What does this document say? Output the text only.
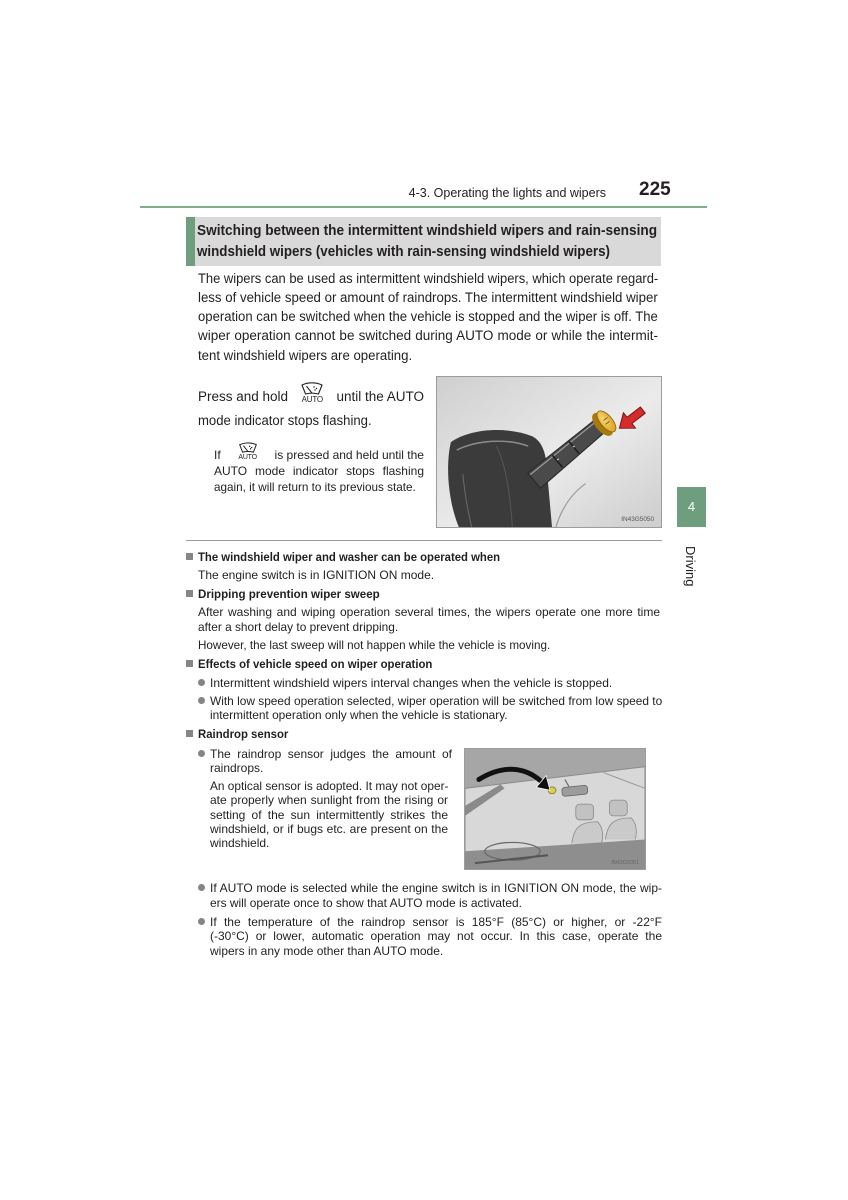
4-3. Operating the lights and wipers 225
4
Driving
Switching between the intermittent windshield wipers and rain-sensing
windshield wipers (vehicles with rain-sensing windshield wipers)
The wipers can be used as intermittent windshield wipers, which operate regard-
less of vehicle speed or amount of raindrops. The intermittent windshield wiper
operation can be switched when the vehicle is stopped and the wiper is off. The
wiper operation cannot be switched during AUTO mode or while the intermit-
tent windshield wipers are operating.
Press and hold AUTO until the AUTO
mode indicator stops flashing.
If	AUTO is pressed and held until the
AUTO mode indicator stops flashing
again, it will return to its previous state.
IN43G5050
The windshield wiper and washer can be operated when
The engine switch is in IGNITION ON mode.
Dripping prevention wiper sweep
After washing and wiping operation several times, the wipers operate one more time
after a short delay to prevent dripping.
However, the last sweep will not happen while the vehicle is moving.
Effects of vehicle speed on wiper operation
Intermittent windshield wipers interval changes when the vehicle is stopped.
With low speed operation selected, wiper operation will be switched from low speed to
intermittent operation only when the vehicle is stationary.
Raindrop sensor
The raindrop sensor judges the amount of
raindrops.
An optical sensor is adopted. It may not oper-
ate properly when sunlight from the rising or
setting of the sun intermittently strikes the
windshield, or if bugs etc. are present on the
windshield.
IN43G5051
If AUTO mode is selected while the engine switch is in IGNITION ON mode, the wip-
ers will operate once to show that AUTO mode is activated.
If the temperature of the raindrop sensor is 185°F (85°C) or higher, or -22°F
(-30°C) or lower, automatic operation may not occur. In this case, operate the
wipers in any mode other than AUTO mode.
